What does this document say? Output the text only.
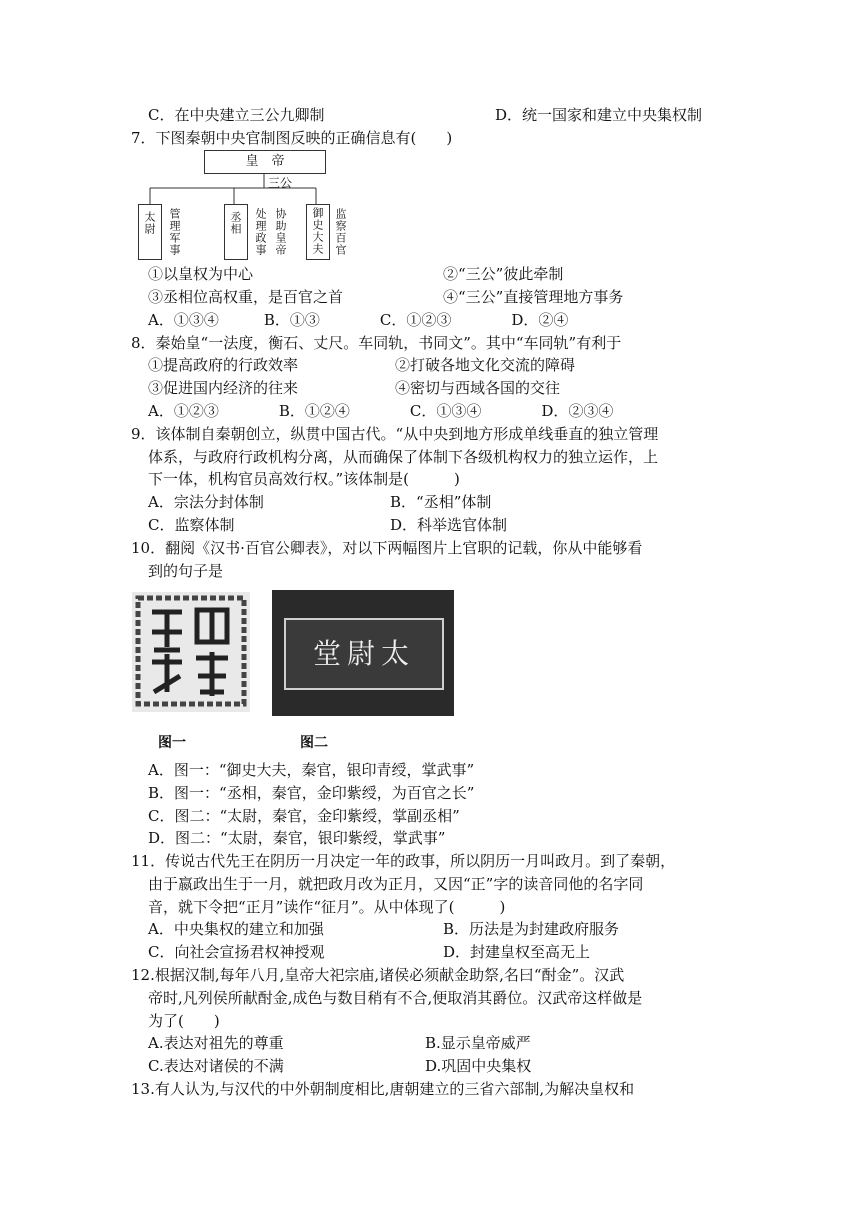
C．在中央建立三公九卿制	D．统一国家和建立中央集权制
7．下图秦朝中央官制图反映的正确信息有(　　)
①以皇权为中心	②“三公”彼此牵制
③丞相位高权重，是百官之首	④“三公”直接管理地方事务
A．①③④　　　B．①③　　　　C．①②③　　　　D．②④
8．秦始皇“一法度，衡石、丈尺。车同轨，书同文”。其中“车同轨”有利于
①提高政府的行政效率	②打破各地文化交流的障碍
③促进国内经济的往来	④密切与西域各国的交往
A．①②③　　　　B．①②④　　　　C．①③④　　　　D．②③④
9．该体制自秦朝创立，纵贯中国古代。“从中央到地方形成单线垂直的独立管理
体系，与政府行政机构分离，从而确保了体制下各级机构权力的独立运作，上
下一体，机构官员高效行权。”该体制是(　　　)
A．宗法分封体制	B．“丞相”体制
C．监察体制	D．科举选官体制
10．翻阅《汉书·百官公卿表》，对以下两幅图片上官职的记载，你从中能够看
到的句子是
A．图一：“御史大夫，秦官，银印青绶，掌武事”
B．图一：“丞相，秦官，金印紫绶，为百官之长”
C．图二：“太尉，秦官，金印紫绶，掌副丞相”
D．图二：“太尉，秦官，银印紫绶，掌武事”
11．传说古代先王在阴历一月决定一年的政事，所以阴历一月叫政月。到了秦朝，
由于嬴政出生于一月，就把政月改为正月，又因“正”字的读音同他的名字同
音，就下令把“正月”读作“征月”。从中体现了(　　　)
A．中央集权的建立和加强	B．历法是为封建政府服务
C．向社会宣扬君权神授观	D．封建皇权至高无上
12.根据汉制,每年八月,皇帝大祀宗庙,诸侯必须献金助祭,名曰“酎金”。汉武
帝时,凡列侯所献酎金,成色与数目稍有不合,便取消其爵位。汉武帝这样做是
为了(　　)
A.表达对祖先的尊重	B.显示皇帝威严
C.表达对诸侯的不满	D.巩固中央集权
13.有人认为,与汉代的中外朝制度相比,唐朝建立的三省六部制,为解决皇权和
皇　帝
三公
太尉 管理军事	丞相 处理政事 协助皇帝 御史大夫 监察百官
图一
堂尉太
图二
